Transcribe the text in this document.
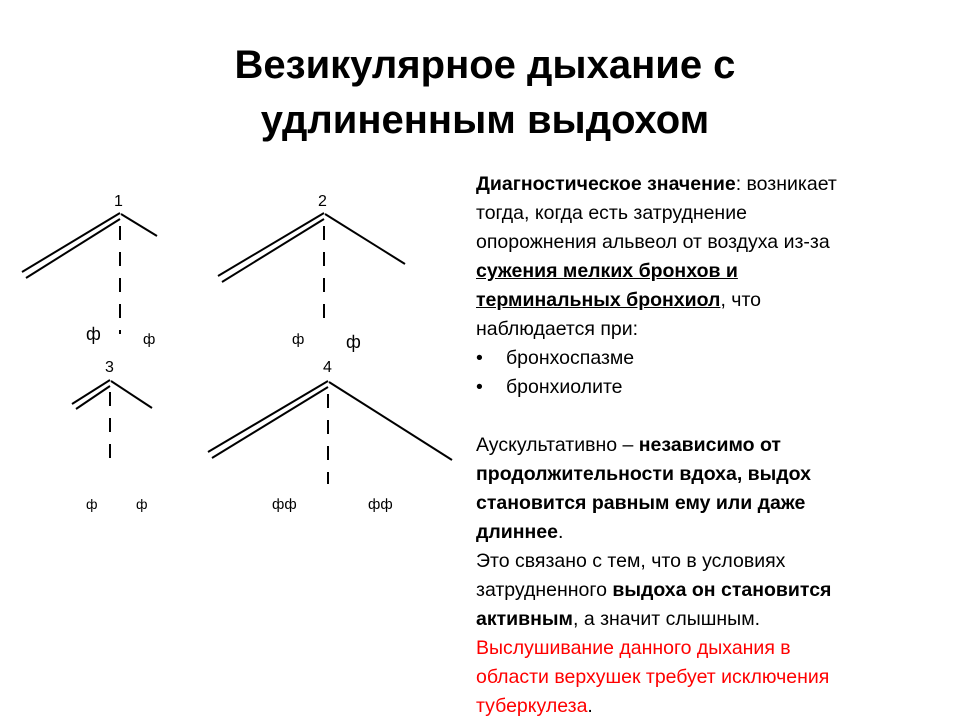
Везикулярное дыхание с
удлиненным выдохом
1	2
3	4
ф	ф	ф ф
ф	ф	фф	фф
Диагностическое значение: возникает
тогда, когда есть затруднение
опорожнения альвеол от воздуха из-за
сужения мелких бронхов и
терминальных бронхиол, что
наблюдается при:
• бронхоспазме
• бронхиолите
Аускультативно – независимо от
продолжительности вдоха, выдох
становится равным ему или даже
длиннее.
Это связано с тем, что в условиях
затрудненного выдоха он становится
активным, а значит слышным.
Выслушивание данного дыхания в
области верхушек требует исключения
туберкулеза.
